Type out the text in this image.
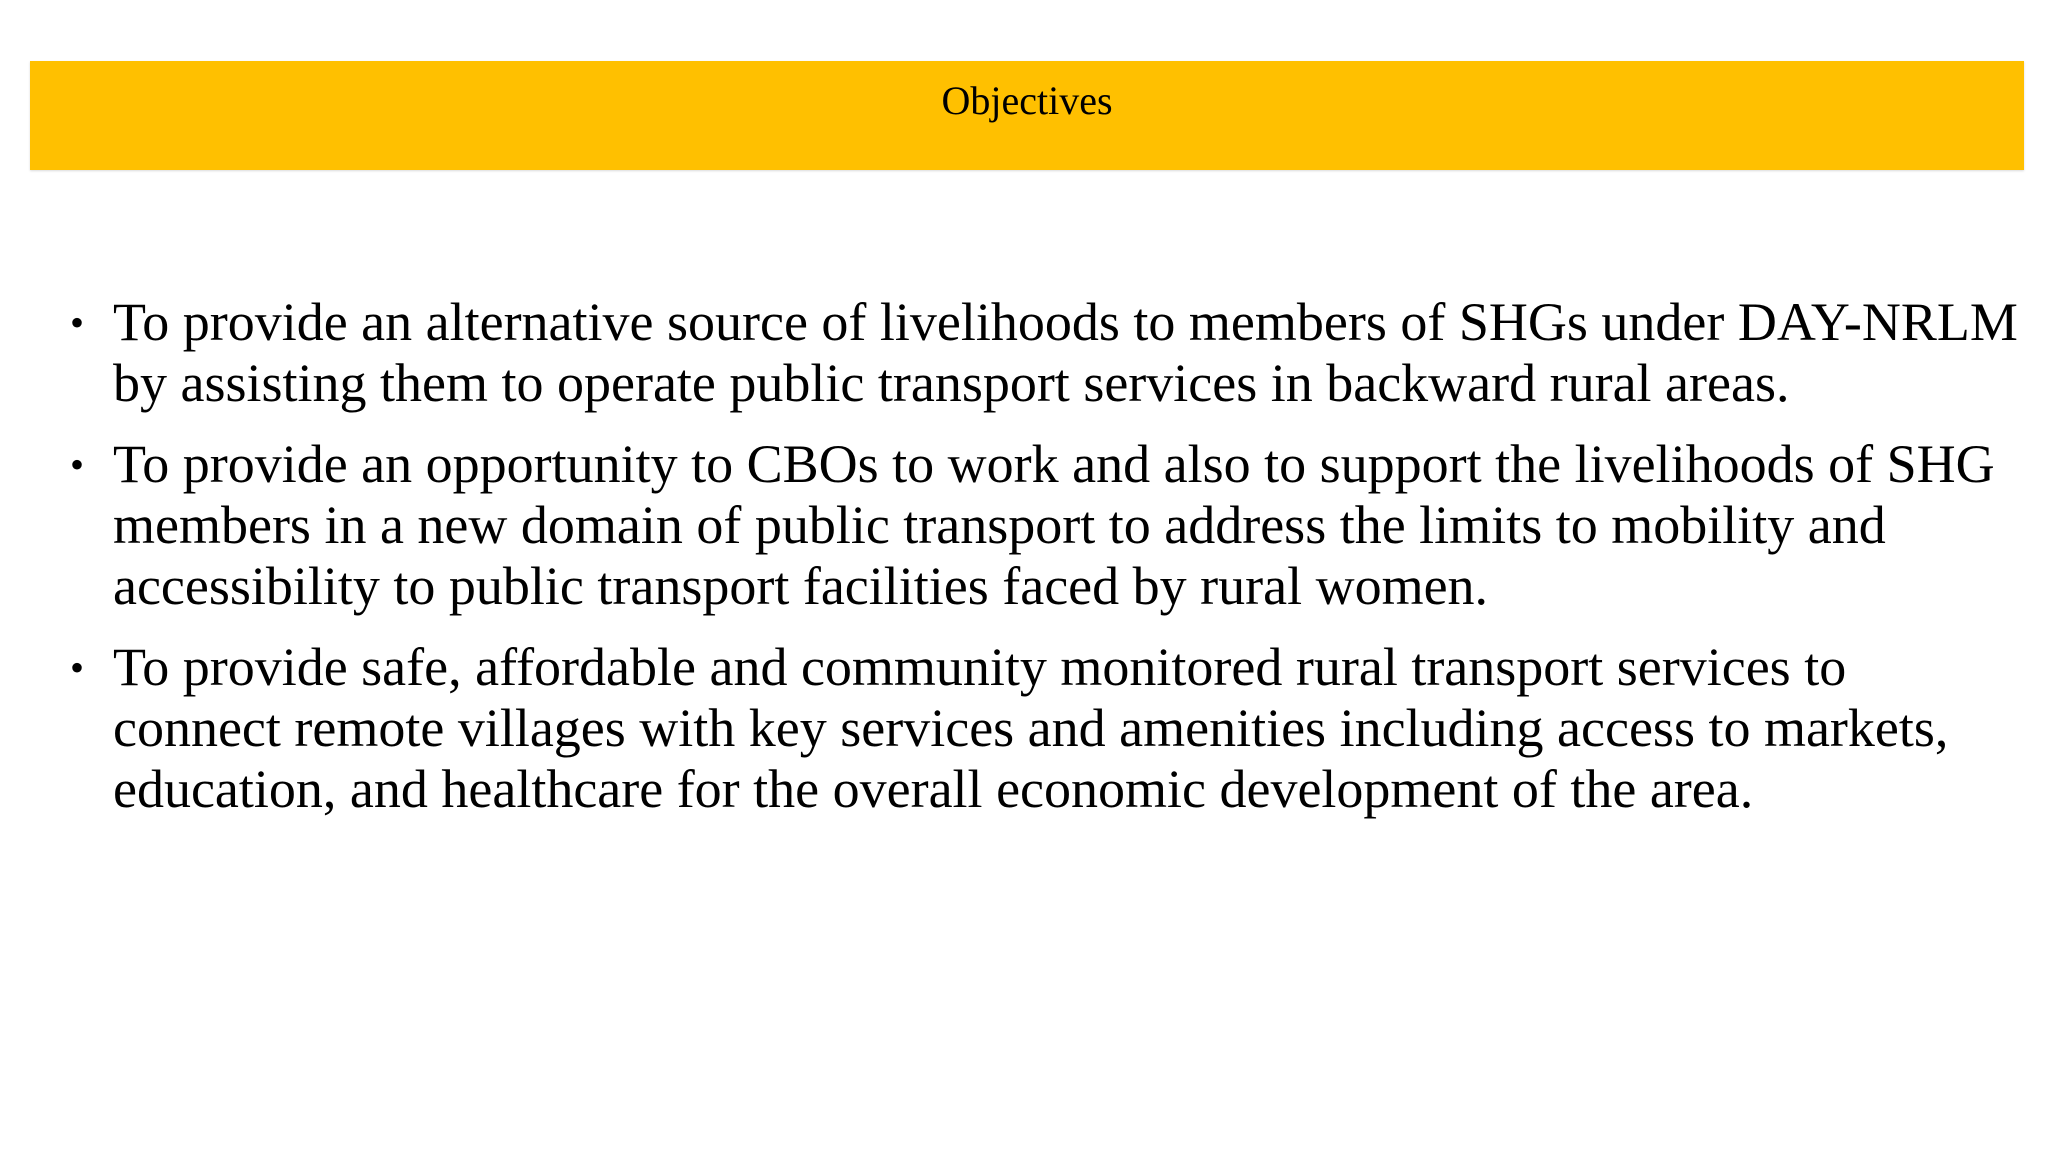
Objectives
• To provide an alternative source of livelihoods to members of SHGs under DAY-NRLM by assisting them to operate public transport services in backward rural areas.
• To provide an opportunity to CBOs to work and also to support the livelihoods of SHG members in a new domain of public transport to address the limits to mobility and accessibility to public transport facilities faced by rural women.
• To provide safe, affordable and community monitored rural transport services to connect remote villages with key services and amenities including access to markets, education, and healthcare for the overall economic development of the area.
